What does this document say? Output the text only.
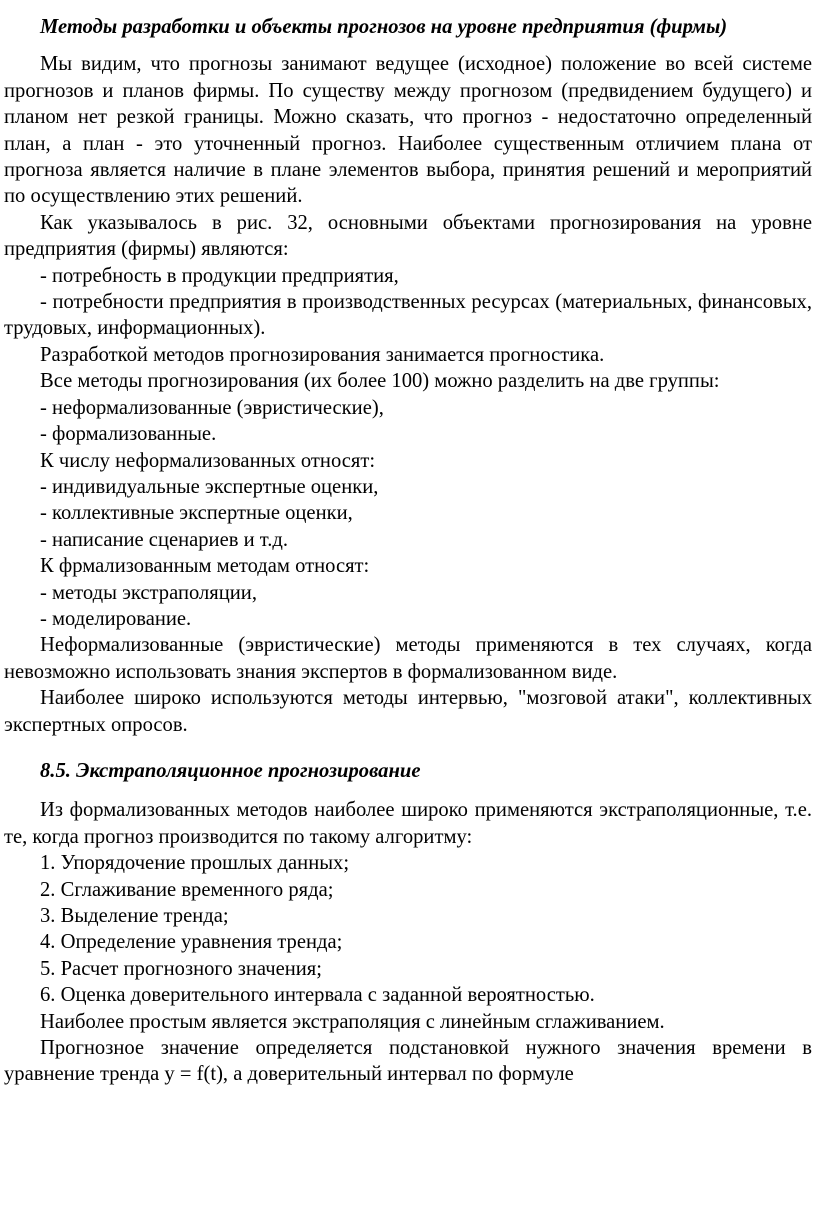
Методы разработки и объекты прогнозов на уровне предприятия (фирмы)

Мы видим, что прогнозы занимают ведущее (исходное) положение во всей системе прогнозов и планов фирмы. По существу между прогнозом (предвидением будущего) и планом нет резкой границы. Можно сказать, что прогноз - недостаточно определенный план, а план - это уточненный прогноз. Наиболее существенным отличием плана от прогноза является наличие в плане элементов выбора, принятия решений и мероприятий по осуществлению этих решений.

Как указывалось в рис. 32, основными объектами прогнозирования на уровне предприятия (фирмы) являются:

- потребность в продукции предприятия,

- потребности предприятия в производственных ресурсах (материальных, финансовых, трудовых, информационных).

Разработкой методов прогнозирования занимается прогностика.

Все методы прогнозирования (их более 100) можно разделить на две группы:

- неформализованные (эвристические),

- формализованные.

К числу неформализованных относят:

- индивидуальные экспертные оценки,

- коллективные экспертные оценки,

- написание сценариев и т.д.

К фрмализованным методам относят:

- методы экстраполяции,

- моделирование.

Неформализованные (эвристические) методы применяются в тех случаях, когда невозможно использовать знания экспертов в формализованном виде.

Наиболее широко используются методы интервью, "мозговой атаки", коллективных экспертных опросов.

8.5. Экстраполяционное прогнозирование

Из формализованных методов наиболее широко применяются экстраполяционные, т.е. те, когда прогноз производится по такому алгоритму:

1. Упорядочение прошлых данных;

2. Сглаживание временного ряда;

3. Выделение тренда;

4. Определение уравнения тренда;

5. Расчет прогнозного значения;

6. Оценка доверительного интервала с заданной вероятностью.

Наиболее простым является экстраполяция с линейным сглаживанием.

Прогнозное значение определяется подстановкой нужного значения времени в уравнение тренда y = f(t), а доверительный интервал по формуле
